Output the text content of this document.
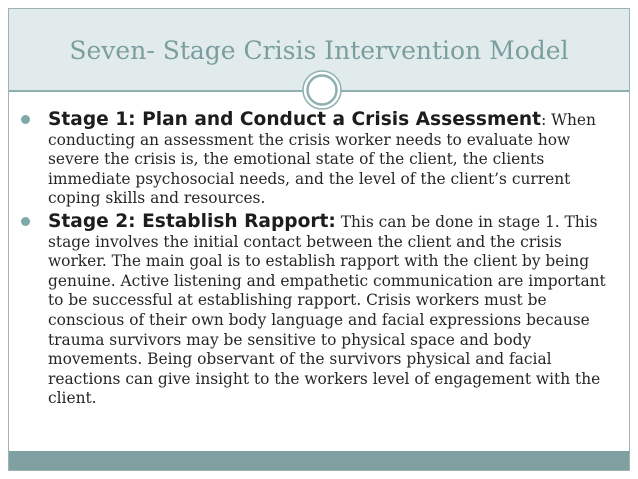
Seven- Stage Crisis Intervention Model
Stage 1: Plan and Conduct a Crisis Assessment: When conducting an assessment the crisis worker needs to evaluate how severe the crisis is, the emotional state of the client, the clients immediate psychosocial needs, and the level of the client’s current coping skills and resources.
Stage 2: Establish Rapport: This can be done in stage 1. This stage involves the initial contact between the client and the crisis worker. The main goal is to establish rapport with the client by being genuine. Active listening and empathetic communication are important to be successful at establishing rapport. Crisis workers must be conscious of their own body language and facial expressions because trauma survivors may be sensitive to physical space and body movements. Being observant of the survivors physical and facial reactions can give insight to the workers level of engagement with the client.
